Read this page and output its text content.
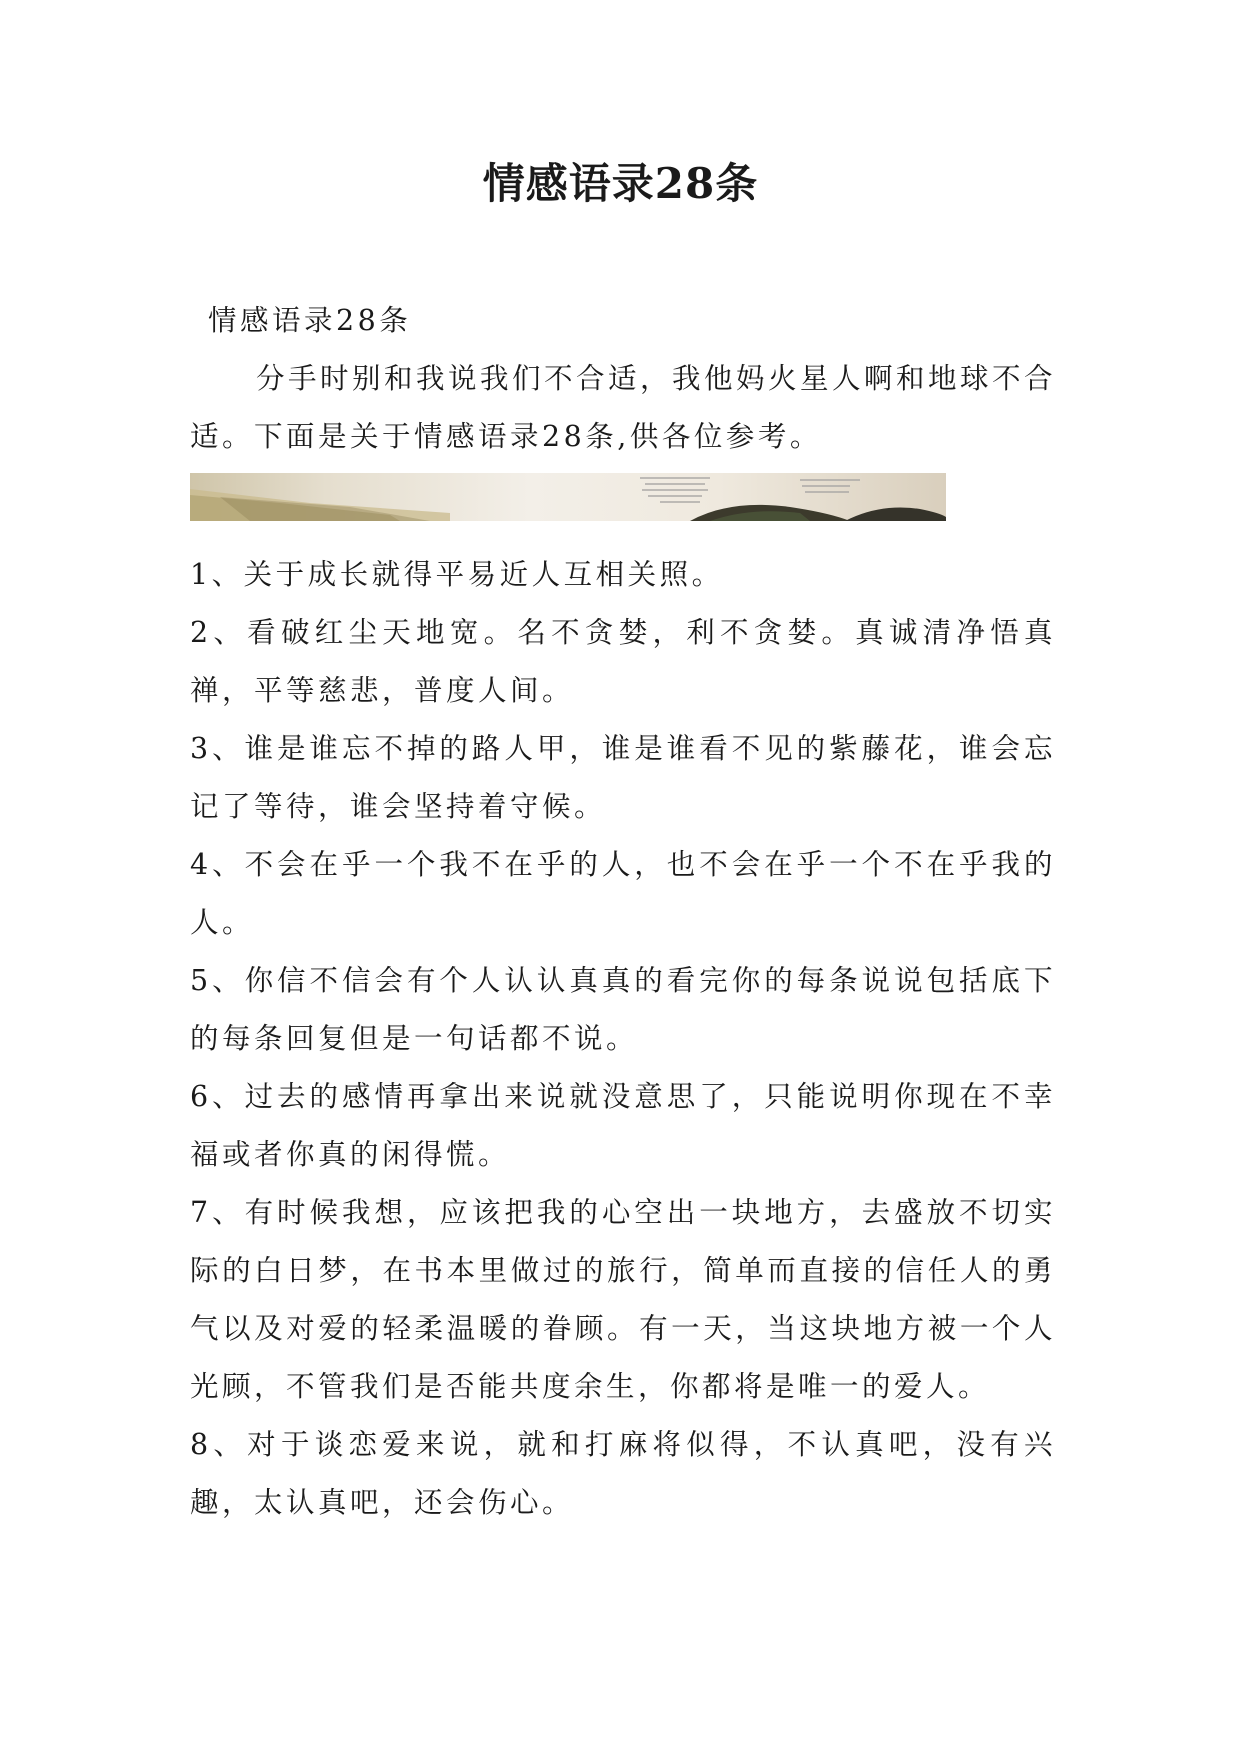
情感语录28条

情感语录28条

分手时别和我说我们不合适，我他妈火星人啊和地球不合适。下面是关于情感语录28条,供各位参考。

1、关于成长就得平易近人互相关照。
2、看破红尘天地宽。名不贪婪，利不贪婪。真诚清净悟真禅，平等慈悲，普度人间。
3、谁是谁忘不掉的路人甲，谁是谁看不见的紫藤花，谁会忘记了等待，谁会坚持着守候。
4、不会在乎一个我不在乎的人，也不会在乎一个不在乎我的人。
5、你信不信会有个人认认真真的看完你的每条说说包括底下的每条回复但是一句话都不说。
6、过去的感情再拿出来说就没意思了，只能说明你现在不幸福或者你真的闲得慌。
7、有时候我想，应该把我的心空出一块地方，去盛放不切实际的白日梦，在书本里做过的旅行，简单而直接的信任人的勇气以及对爱的轻柔温暖的眷顾。有一天，当这块地方被一个人光顾，不管我们是否能共度余生，你都将是唯一的爱人。
8、对于谈恋爱来说，就和打麻将似得，不认真吧，没有兴趣，太认真吧，还会伤心。
